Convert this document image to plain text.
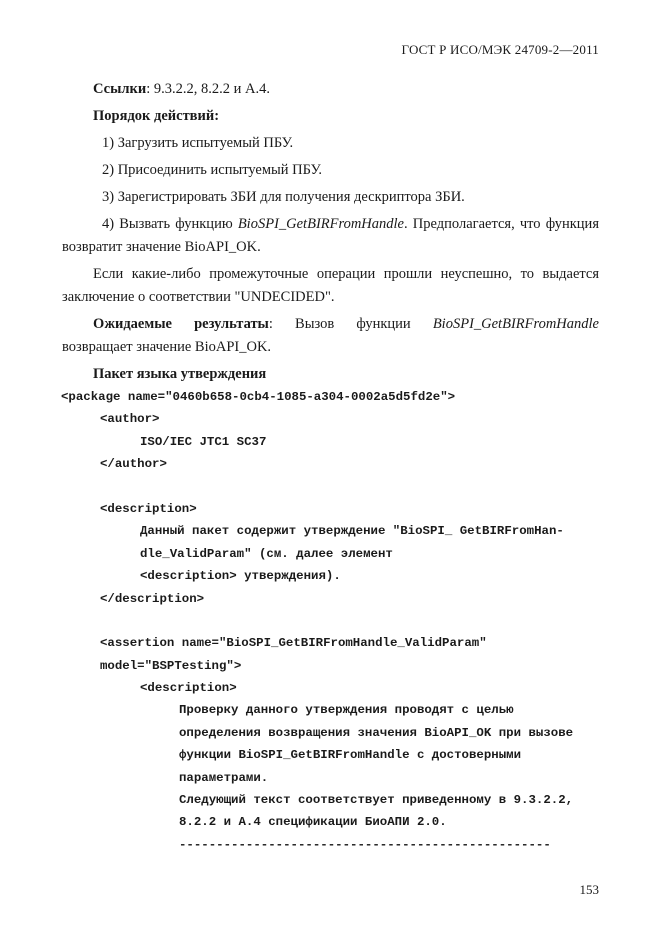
ГОСТ Р ИСО/МЭК 24709-2—2011

Ссылки: 9.3.2.2, 8.2.2 и А.4.

Порядок действий:

1) Загрузить испытуемый ПБУ.

2) Присоединить испытуемый ПБУ.

3) Зарегистрировать ЗБИ для получения дескриптора ЗБИ.

4) Вызвать функцию BioSPI_GetBIRFromHandle. Предполагается, что функция возвратит значение BioAPI_OK.

Если какие-либо промежуточные операции прошли неуспешно, то выдается заключение о соответствии "UNDECIDED".

Ожидаемые результаты: Вызов функции BioSPI_GetBIRFromHandle возвращает значение BioAPI_OK.

Пакет языка утверждения

<package name="0460b658-0cb4-1085-a304-0002a5d5fd2e">
<author>
ISO/IEC JTC1 SC37
</author>
<description>
Данный пакет содержит утверждение "BioSPI_ GetBIRFromHan-
dle_ValidParam" (см. далее элемент
<description> утверждения).
</description>
<assertion name="BioSPI_GetBIRFromHandle_ValidParam"
model="BSPTesting">
<description>
Проверку данного утверждения проводят с целью
определения возвращения значения BioAPI_OK при вызове
функции BioSPI_GetBIRFromHandle с достоверными
параметрами.
Следующий текст соответствует приведенному в 9.3.2.2,
8.2.2 и А.4 спецификации БиоАПИ 2.0.
--------------------------------------------------
153
